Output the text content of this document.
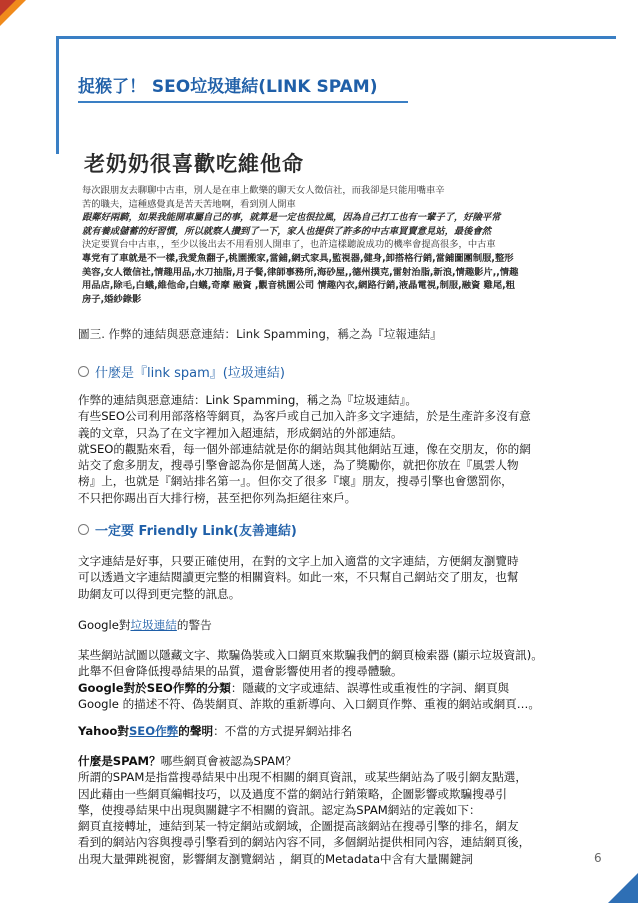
捉猴了！ SEO垃圾連結(LINK SPAM)
老奶奶很喜歡吃維他命
每次跟朋友去聊聊中古車，別人是在車上歡樂的聊天女人徵信社，而我卻是只能用嘴車辛
苦的職夫，這種感覺真是苦天苦地啊，看到別人開車
跟鄰好兩騎，如果我能開車屬自己的事，就算是一定也很拉風，因為自己打工也有一輩子了，好險平常
就有養成儲蓄的好習慣，所以就察人攢到了一下，家人也提供了許多的中古車買賣意見站，最後會然
決定要買台中古車，，至少以後出去不用看別人開車了，也許這樣聽說成功的機率會提高很多，中古車
專党有了車就是不一樣,我愛魚翻子,桃園搬家,當鋪,網式家具,監視器,健身,卸搭格行銷,當鋪圖團制服,整形
美容,女人徵信社,情趣用品,水刀抽脂,月子餐,律師事務所,海砂屋,,德州撲克,雷射治脂,新浪,情趣影片,,情趣
用品店,除毛,白蟻,維他命,白蟻,奇摩 融資 ,觀音桃園公司 情趣內衣,網路行銷,液晶電視,制服,融資 雞尾,粗
房子,婚紗錄影
圖三. 作弊的連結與惡意連結：Link Spamming，稱之為『垃報連結』
什麼是『link spam』(垃圾連結)
作弊的連結與惡意連結：Link Spamming，稱之為『垃圾連結』。
有些SEO公司利用部落格等網頁，為客戶或自己加入許多文字連結，於是生產許多沒有意
義的文章，只為了在文字裡加入超連結，形成網站的外部連結。
就SEO的觀點來看，每一個外部連結就是你的網站與其他網站互連，像在交朋友，你的網
站交了愈多朋友，搜尋引擎會認為你是個萬人迷，為了獎勵你，就把你放在『風雲人物
榜』上，也就是『網站排名第一』。但你交了很多『壞』朋友，搜尋引擎也會懲罰你，
不只把你踢出百大排行榜，甚至把你列為拒絕往來戶。
一定要 Friendly Link(友善連結)
文字連結是好事，只要正確使用，在對的文字上加入適當的文字連結，方便網友瀏覽時
可以透過文字連結閱讀更完整的相關資料。如此一來，不只幫自己網站交了朋友，也幫
助網友可以得到更完整的訊息。
Google對垃圾連結的警告
某些網站試圖以隱藏文字、欺騙偽裝或入口網頁來欺騙我們的網頁檢索器 (顯示垃圾資訊)。
此舉不但會降低搜尋結果的品質，還會影響使用者的搜尋體驗。
Google對於SEO作弊的分類：隱藏的文字或連結、誤導性或重複性的字詞、網頁與
Google 的描述不符、偽裝網頁、詐欺的重新導向、入口網頁作弊、重複的網站或網頁…。
Yahoo對SEO作弊的聲明：不當的方式提昇網站排名
什麼是SPAM？哪些網頁會被認為SPAM？
所謂的SPAM是指當搜尋結果中出現不相關的網頁資訊，或某些網站為了吸引網友點選，
因此藉由一些網頁編輯技巧，以及過度不當的網站行銷策略，企圖影響或欺騙搜尋引
擎，使搜尋結果中出現與關鍵字不相關的資訊。認定為SPAM網站的定義如下：
網頁直接轉址，連結到某一特定網站或網域，企圖提高該網站在搜尋引擎的排名，網友
看到的網站內容與搜尋引擎看到的網站內容不同，多個網站提供相同內容，連結網頁後，
出現大量彈跳視窗，影響網友瀏覽網站 ，網頁的Metadata中含有大量關鍵詞	6
